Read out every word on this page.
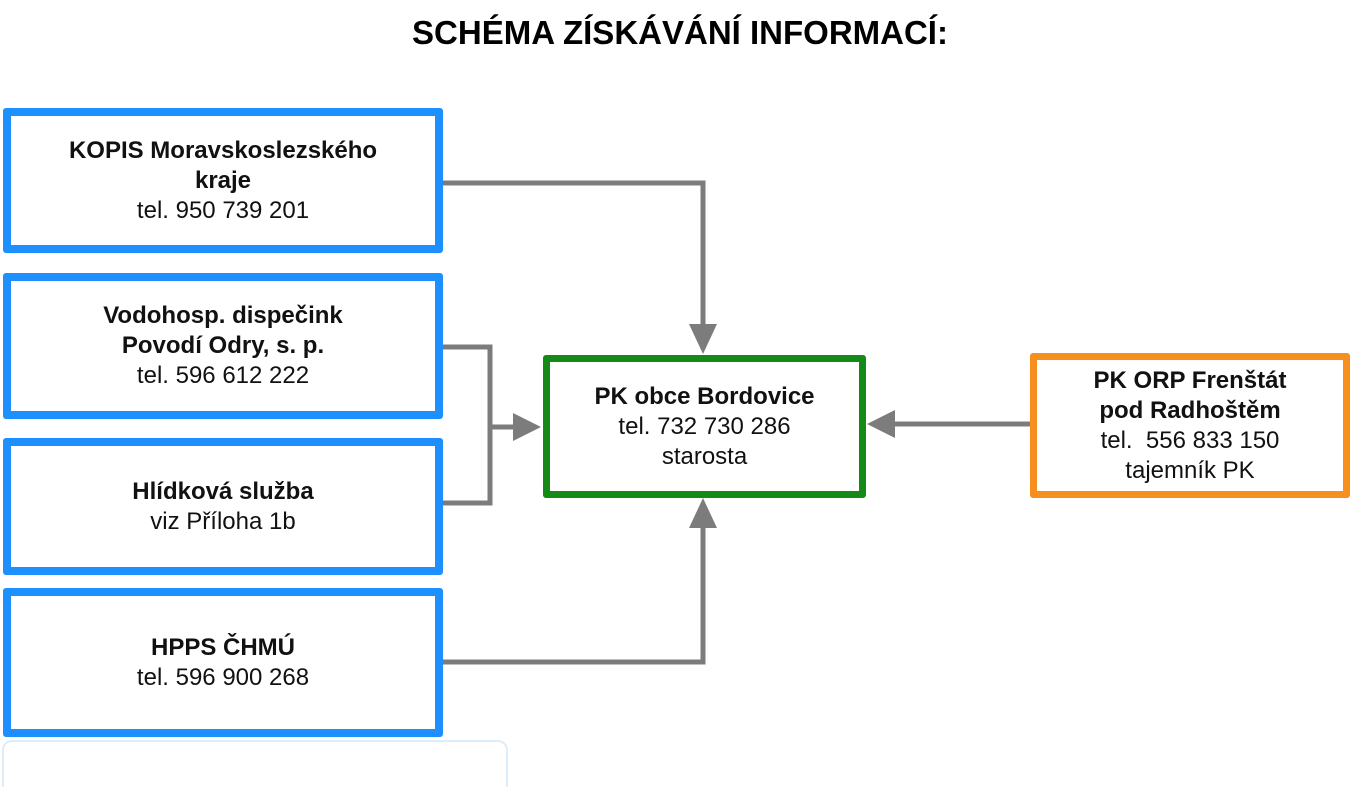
SCHÉMA ZÍSKÁVÁNÍ INFORMACÍ:
KOPIS Moravskoslezského
kraje
tel. 950 739 201
Vodohosp. dispečink
Povodí Odry, s. p.
tel. 596 612 222
Hlídková služba
viz Příloha 1b
HPPS ČHMÚ
tel. 596 900 268
PK obce Bordovice
tel. 732 730 286
starosta
PK ORP Frenštát
pod Radhoštěm
tel.  556 833 150
tajemník PK
